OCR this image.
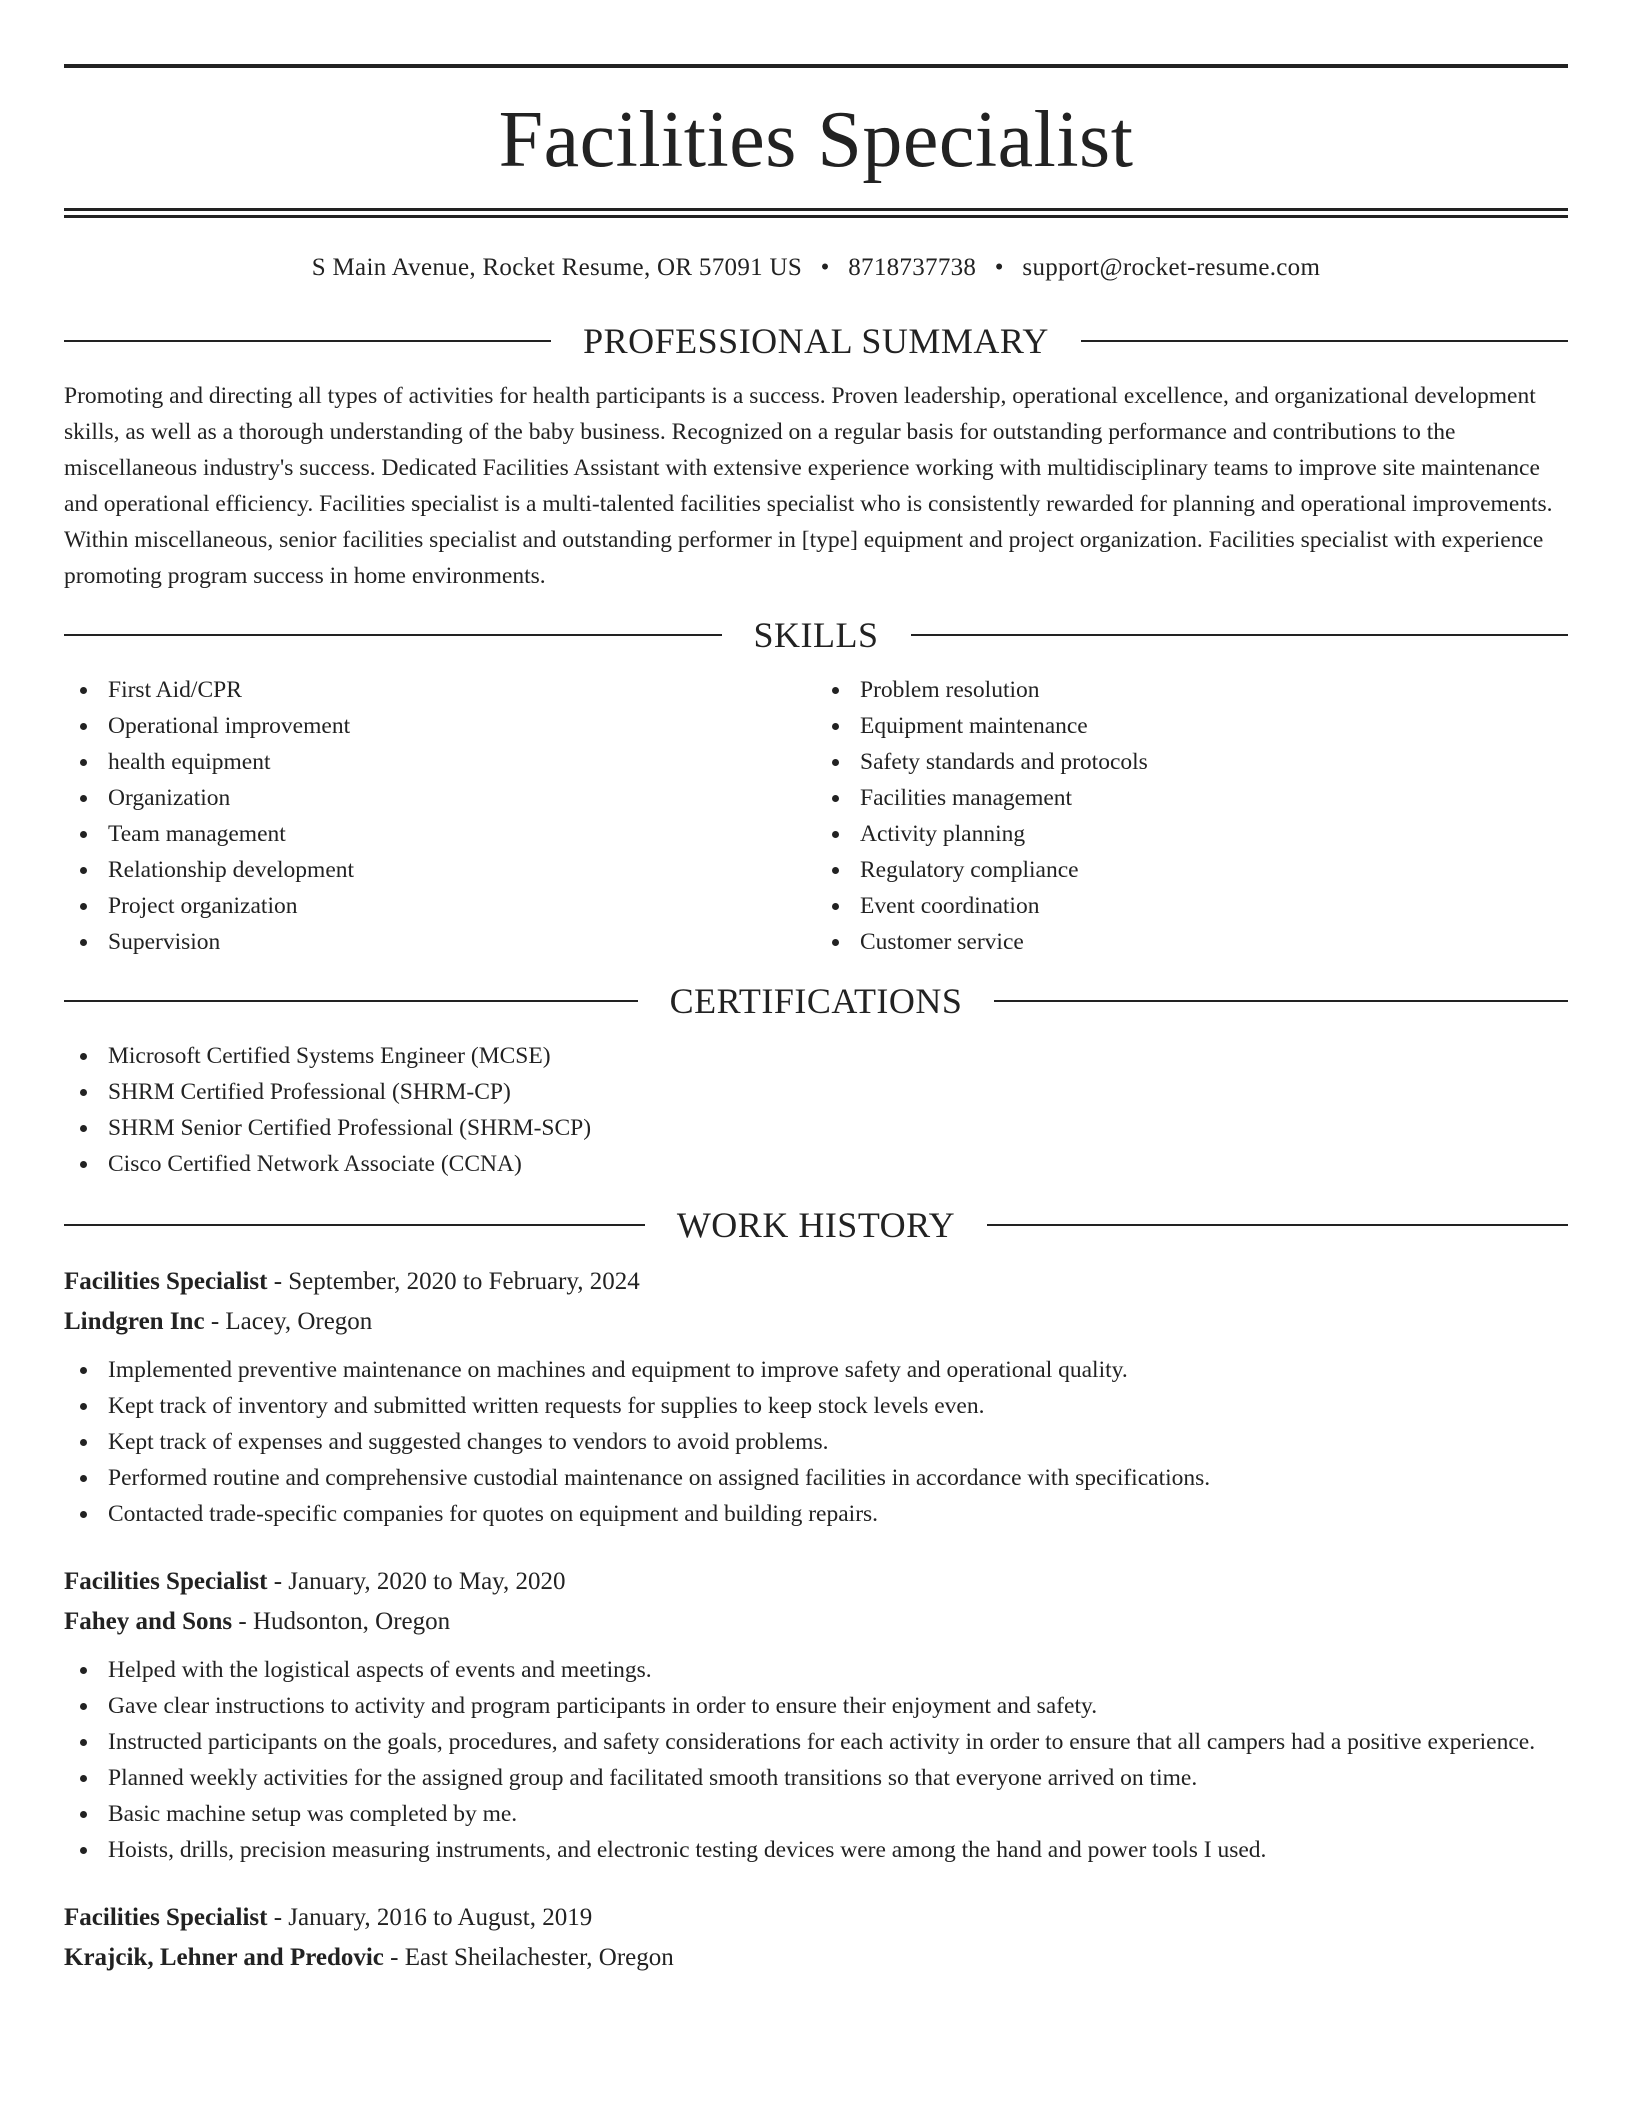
Facilities Specialist
S Main Avenue, Rocket Resume, OR 57091 US • 8718737738 • support@rocket-resume.com
PROFESSIONAL SUMMARY

Promoting and directing all types of activities for health participants is a success. Proven leadership, operational excellence, and organizational development skills, as well as a thorough understanding of the baby business. Recognized on a regular basis for outstanding performance and contributions to the miscellaneous industry's success. Dedicated Facilities Assistant with extensive experience working with multidisciplinary teams to improve site maintenance and operational efficiency. Facilities specialist is a multi-talented facilities specialist who is consistently rewarded for planning and operational improvements. Within miscellaneous, senior facilities specialist and outstanding performer in [type] equipment and project organization. Facilities specialist with experience promoting program success in home environments.

SKILLS
First Aid/CPR
Operational improvement
health equipment
Organization
Team management
Relationship development
Project organization
Supervision
Problem resolution
Equipment maintenance
Safety standards and protocols
Facilities management
Activity planning
Regulatory compliance
Event coordination
Customer service
CERTIFICATIONS
Microsoft Certified Systems Engineer (MCSE)
SHRM Certified Professional (SHRM-CP)
SHRM Senior Certified Professional (SHRM-SCP)
Cisco Certified Network Associate (CCNA)
WORK HISTORY
Facilities Specialist - September, 2020 to February, 2024
Lindgren Inc - Lacey, Oregon
Implemented preventive maintenance on machines and equipment to improve safety and operational quality.
Kept track of inventory and submitted written requests for supplies to keep stock levels even.
Kept track of expenses and suggested changes to vendors to avoid problems.
Performed routine and comprehensive custodial maintenance on assigned facilities in accordance with specifications.
Contacted trade-specific companies for quotes on equipment and building repairs.
Facilities Specialist - January, 2020 to May, 2020
Fahey and Sons - Hudsonton, Oregon
Helped with the logistical aspects of events and meetings.
Gave clear instructions to activity and program participants in order to ensure their enjoyment and safety.
Instructed participants on the goals, procedures, and safety considerations for each activity in order to ensure that all campers had a positive experience.
Planned weekly activities for the assigned group and facilitated smooth transitions so that everyone arrived on time.
Basic machine setup was completed by me.
Hoists, drills, precision measuring instruments, and electronic testing devices were among the hand and power tools I used.
Facilities Specialist - January, 2016 to August, 2019
Krajcik, Lehner and Predovic - East Sheilachester, Oregon
